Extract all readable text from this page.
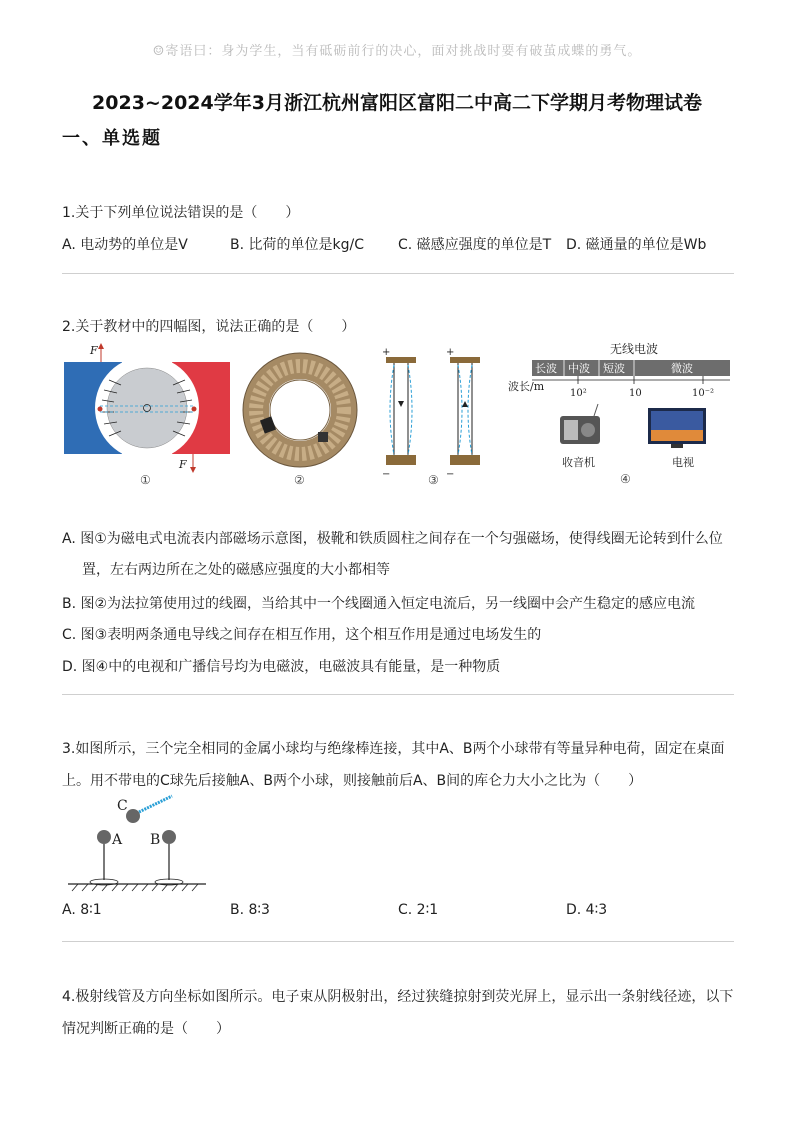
☺寄语曰：身为学生，当有砥砺前行的决心，面对挑战时要有破茧成蝶的勇气。
2023~2024学年3月浙江杭州富阳区富阳二中高二下学期月考物理试卷
一、单选题
1.关于下列单位说法错误的是（　　）
A. 电动势的单位是V	B. 比荷的单位是kg/C C. 磁感应强度的单位是T D. 磁通量的单位是Wb
2.关于教材中的四幅图，说法正确的是（　　）
F
F
①	②
+	+
−	−
③
无线电波
长波 中波 短波	微波
波长/m
10²	10	10⁻²
收音机	电视
④
A. 图①为磁电式电流表内部磁场示意图，极靴和铁质圆柱之间存在一个匀强磁场，使得线圈无论转到什么位
置，左右两边所在之处的磁感应强度的大小都相等
B. 图②为法拉第使用过的线圈，当给其中一个线圈通入恒定电流后，另一线圈中会产生稳定的感应电流
C. 图③表明两条通电导线之间存在相互作用，这个相互作用是通过电场发生的
D. 图④中的电视和广播信号均为电磁波，电磁波具有能量，是一种物质
3.如图所示，三个完全相同的金属小球均与绝缘棒连接，其中A、B两个小球带有等量异种电荷，固定在桌面
上。用不带电的C球先后接触A、B两个小球，则接触前后A、B间的库仑力大小之比为（　　）
C
A B
A. 8∶1	B. 8∶3	C. 2∶1	D. 4∶3
4.极射线管及方向坐标如图所示。电子束从阴极射出，经过狭缝掠射到荧光屏上，显示出一条射线径迹，以下
情况判断正确的是（　　）
